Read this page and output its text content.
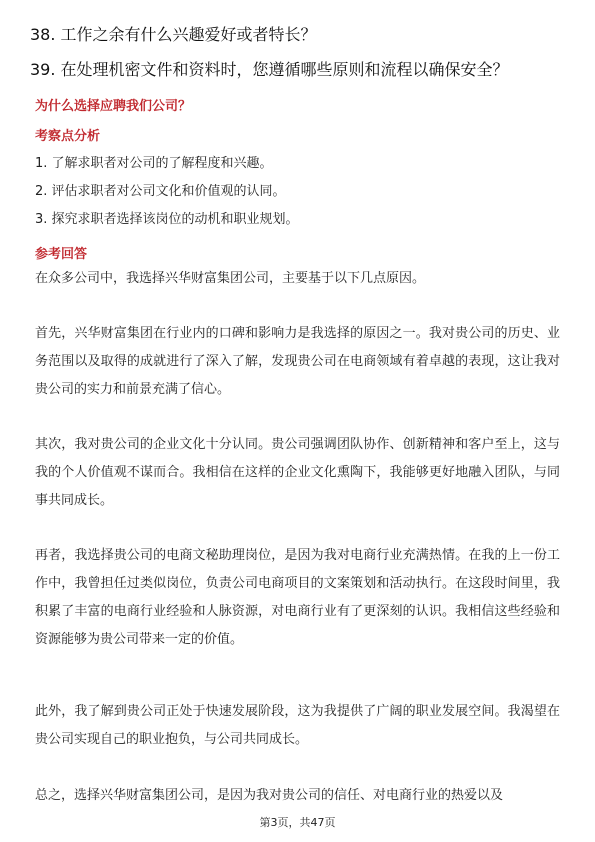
38. 工作之余有什么兴趣爱好或者特长？
39. 在处理机密文件和资料时，您遵循哪些原则和流程以确保安全？
为什么选择应聘我们公司？
考察点分析
1. 了解求职者对公司的了解程度和兴趣。
2. 评估求职者对公司文化和价值观的认同。
3. 探究求职者选择该岗位的动机和职业规划。
参考回答
在众多公司中，我选择兴华财富集团公司，主要基于以下几点原因。
首先，兴华财富集团在行业内的口碑和影响力是我选择的原因之一。我对贵公司的历史、业务范围以及取得的成就进行了深入了解，发现贵公司在电商领域有着卓越的表现，这让我对贵公司的实力和前景充满了信心。
其次，我对贵公司的企业文化十分认同。贵公司强调团队协作、创新精神和客户至上，这与我的个人价值观不谋而合。我相信在这样的企业文化熏陶下，我能够更好地融入团队，与同事共同成长。
再者，我选择贵公司的电商文秘助理岗位，是因为我对电商行业充满热情。在我的上一份工作中，我曾担任过类似岗位，负责公司电商项目的文案策划和活动执行。在这段时间里，我积累了丰富的电商行业经验和人脉资源，对电商行业有了更深刻的认识。我相信这些经验和资源能够为贵公司带来一定的价值。
此外，我了解到贵公司正处于快速发展阶段，这为我提供了广阔的职业发展空间。我渴望在贵公司实现自己的职业抱负，与公司共同成长。
总之，选择兴华财富集团公司，是因为我对贵公司的信任、对电商行业的热爱以及
第3页，共47页
